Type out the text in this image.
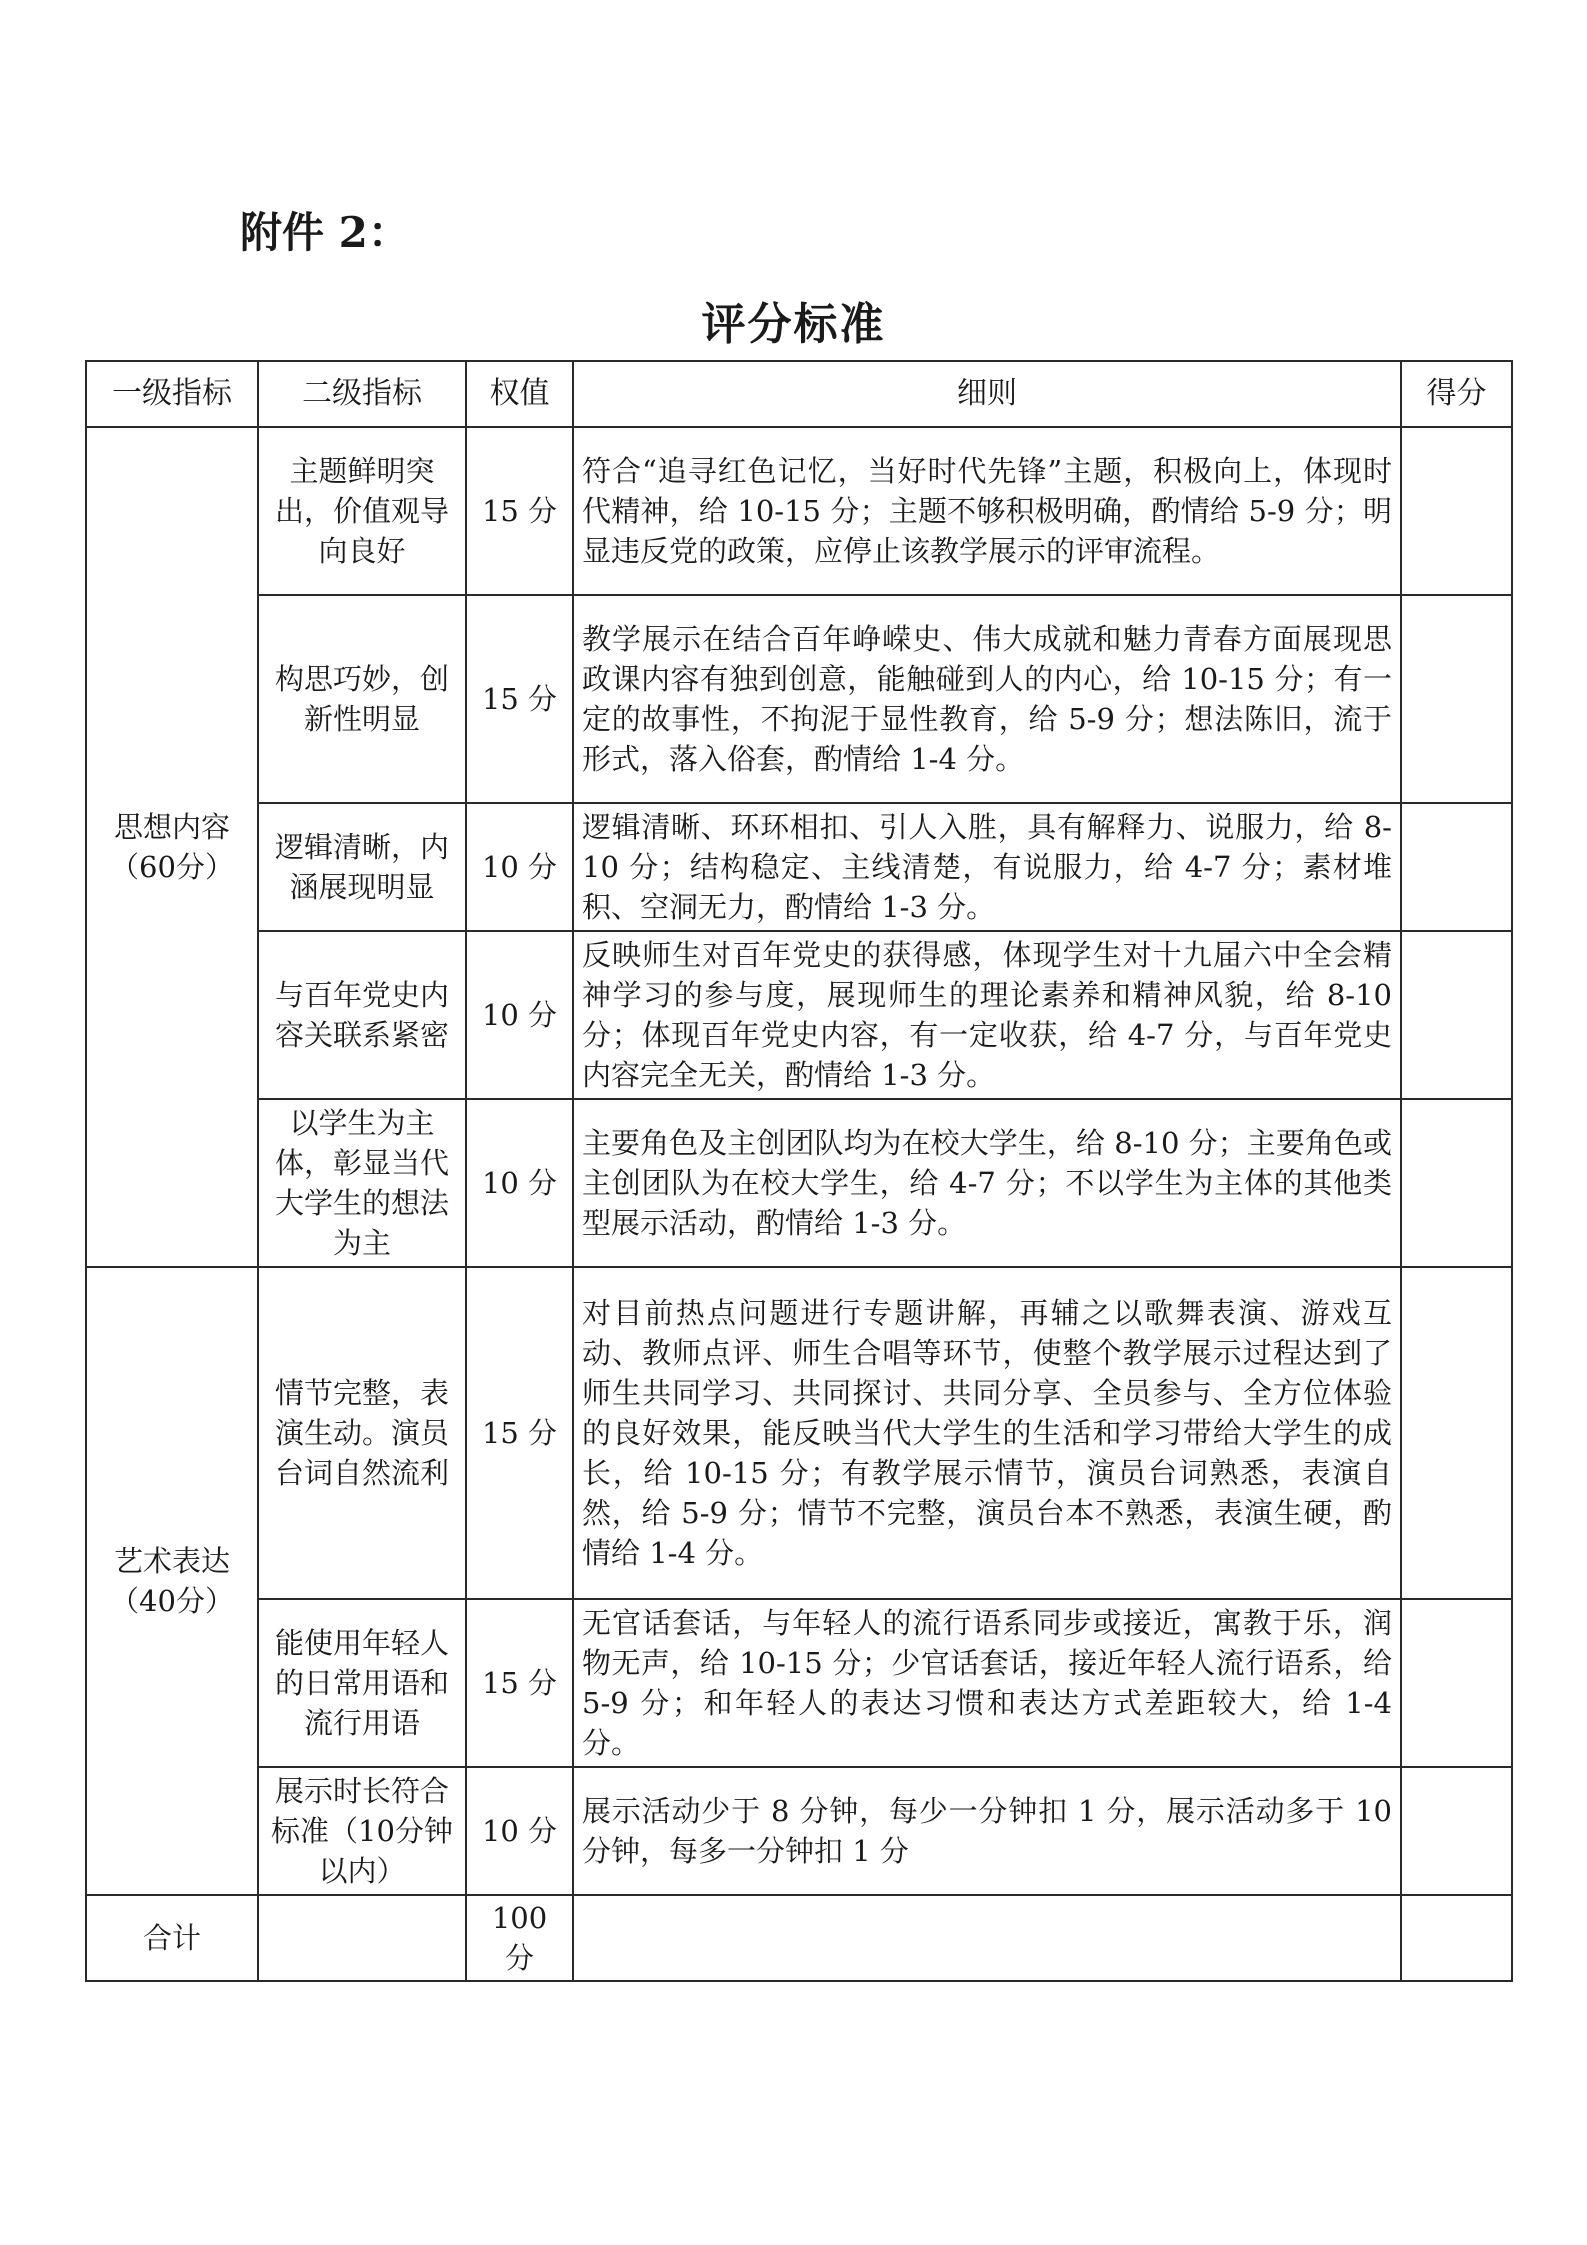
附件 2：
评分标准
一级指标	二级指标	权值	细则	得分
思想内容（60分）	主题鲜明突出，价值观导向良好	15 分	符合“追寻红色记忆，当好时代先锋”主题，积极向上，体现时代精神，给 10-15 分；主题不够积极明确，酌情给 5-9 分；明显违反党的政策，应停止该教学展示的评审流程。	
	构思巧妙，创新性明显	15 分	教学展示在结合百年峥嵘史、伟大成就和魅力青春方面展现思政课内容有独到创意，能触碰到人的内心，给 10-15 分；有一定的故事性，不拘泥于显性教育，给 5-9 分；想法陈旧，流于形式，落入俗套，酌情给 1-4 分。	
	逻辑清晰，内涵展现明显	10 分	逻辑清晰、环环相扣、引人入胜，具有解释力、说服力，给 8-10 分；结构稳定、主线清楚，有说服力，给 4-7 分；素材堆积、空洞无力，酌情给 1-3 分。	
	与百年党史内容关联系紧密	10 分	反映师生对百年党史的获得感，体现学生对十九届六中全会精神学习的参与度，展现师生的理论素养和精神风貌，给 8-10 分；体现百年党史内容，有一定收获，给 4-7 分，与百年党史内容完全无关，酌情给 1-3 分。	
	以学生为主体，彰显当代大学生的想法为主	10 分	主要角色及主创团队均为在校大学生，给 8-10 分；主要角色或主创团队为在校大学生，给 4-7 分；不以学生为主体的其他类型展示活动，酌情给 1-3 分。	
艺术表达（40分）	情节完整，表演生动。演员台词自然流利	15 分	对目前热点问题进行专题讲解，再辅之以歌舞表演、游戏互动、教师点评、师生合唱等环节，使整个教学展示过程达到了师生共同学习、共同探讨、共同分享、全员参与、全方位体验的良好效果，能反映当代大学生的生活和学习带给大学生的成长，给 10-15 分；有教学展示情节，演员台词熟悉，表演自然，给 5-9 分；情节不完整，演员台本不熟悉，表演生硬，酌情给 1-4 分。	
	能使用年轻人的日常用语和流行用语	15 分	无官话套话，与年轻人的流行语系同步或接近，寓教于乐，润物无声，给 10-15 分；少官话套话，接近年轻人流行语系，给 5-9 分；和年轻人的表达习惯和表达方式差距较大，给 1-4 分。	
	展示时长符合标准（10分钟以内）	10 分	展示活动少于 8 分钟，每少一分钟扣 1 分，展示活动多于 10 分钟，每多一分钟扣 1 分	
合计		100 分		
